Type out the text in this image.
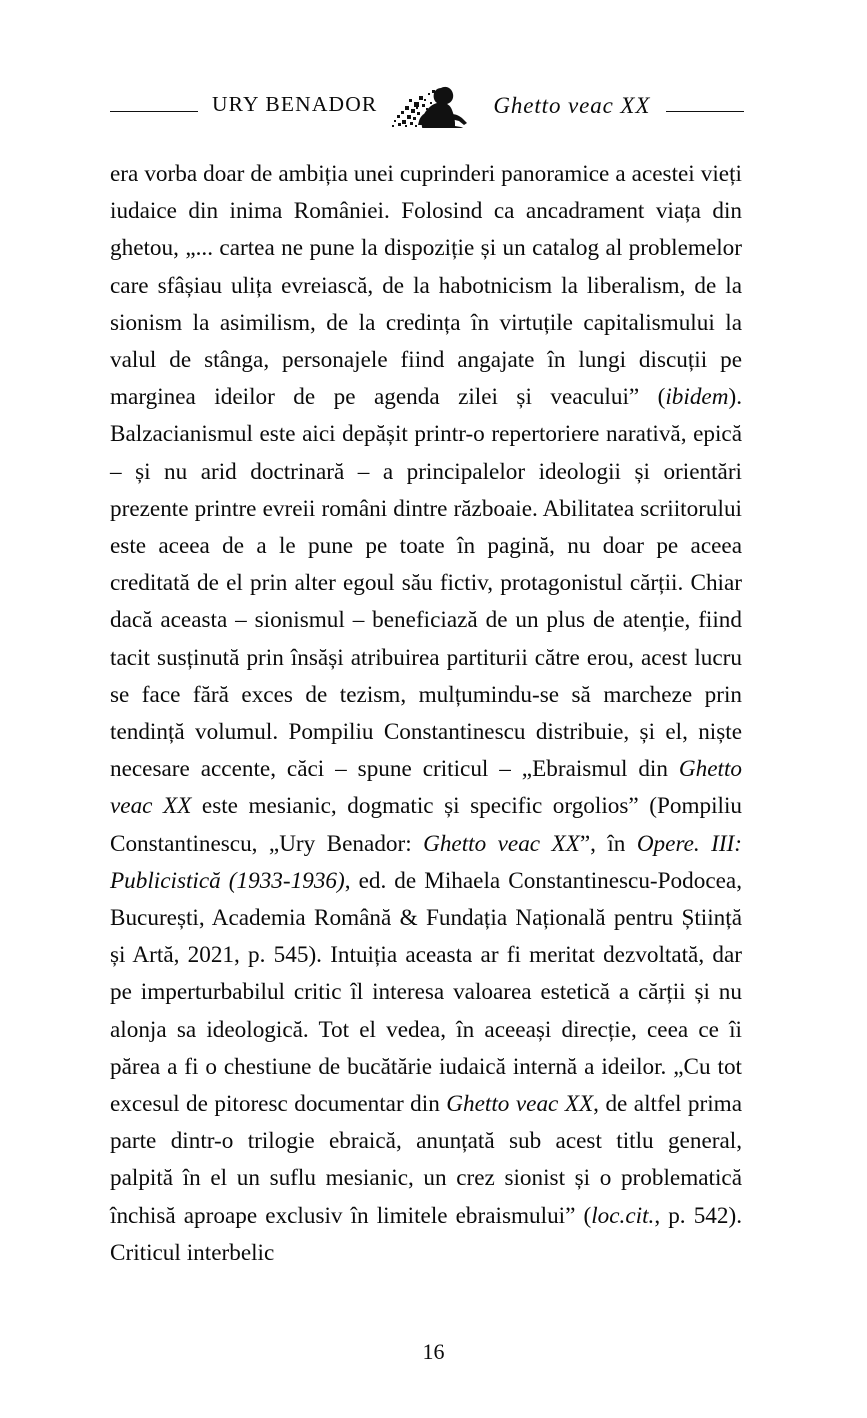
URY BENADOR	Ghetto veac XX

era vorba doar de ambiția unei cuprinderi panoramice a acestei vieți iudaice din inima României. Folosind ca ancadrament viața din ghetou, „... cartea ne pune la dispoziție și un catalog al problemelor care sfâșiau ulița evreiască, de la habotnicism la liberalism, de la sionism la asimilism, de la credința în virtuțile capitalismului la valul de stânga, personajele fiind angajate în lungi discuții pe marginea ideilor de pe agenda zilei și veacului” (ibidem). Balzacianismul este aici depășit printr-o repertoriere narativă, epică – și nu arid doctrinară – a principalelor ideologii și orientări prezente printre evreii români dintre războaie. Abilitatea scriitorului este aceea de a le pune pe toate în pagină, nu doar pe aceea creditată de el prin alter egoul său fictiv, protagonistul cărții. Chiar dacă aceasta – sionismul – beneficiază de un plus de atenție, fiind tacit susținută prin însăși atribuirea partiturii către erou, acest lucru se face fără exces de tezism, mulțumindu-se să marcheze prin tendință volumul. Pompiliu Constantinescu distribuie, și el, niște necesare accente, căci – spune criticul – „Ebraismul din Ghetto veac XX este mesianic, dogmatic și specific orgolios” (Pompiliu Constantinescu, „Ury Benador: Ghetto veac XX”, în Opere. III: Publicistică (1933-1936), ed. de Mihaela Constantinescu-Podocea, București, Academia Română & Fundația Națională pentru Știință și Artă, 2021, p. 545). Intuiția aceasta ar fi meritat dezvoltată, dar pe imperturbabilul critic îl interesa valoarea estetică a cărții și nu alonja sa ideologică. Tot el vedea, în aceeași direcție, ceea ce îi părea a fi o chestiune de bucătărie iudaică internă a ideilor. „Cu tot excesul de pitoresc documentar din Ghetto veac XX, de altfel prima parte dintr-o trilogie ebraică, anunțată sub acest titlu general, palpită în el un suflu mesianic, un crez sionist și o problematică închisă aproape exclusiv în limitele ebraismului” (loc.cit., p. 542). Criticul interbelic

16
